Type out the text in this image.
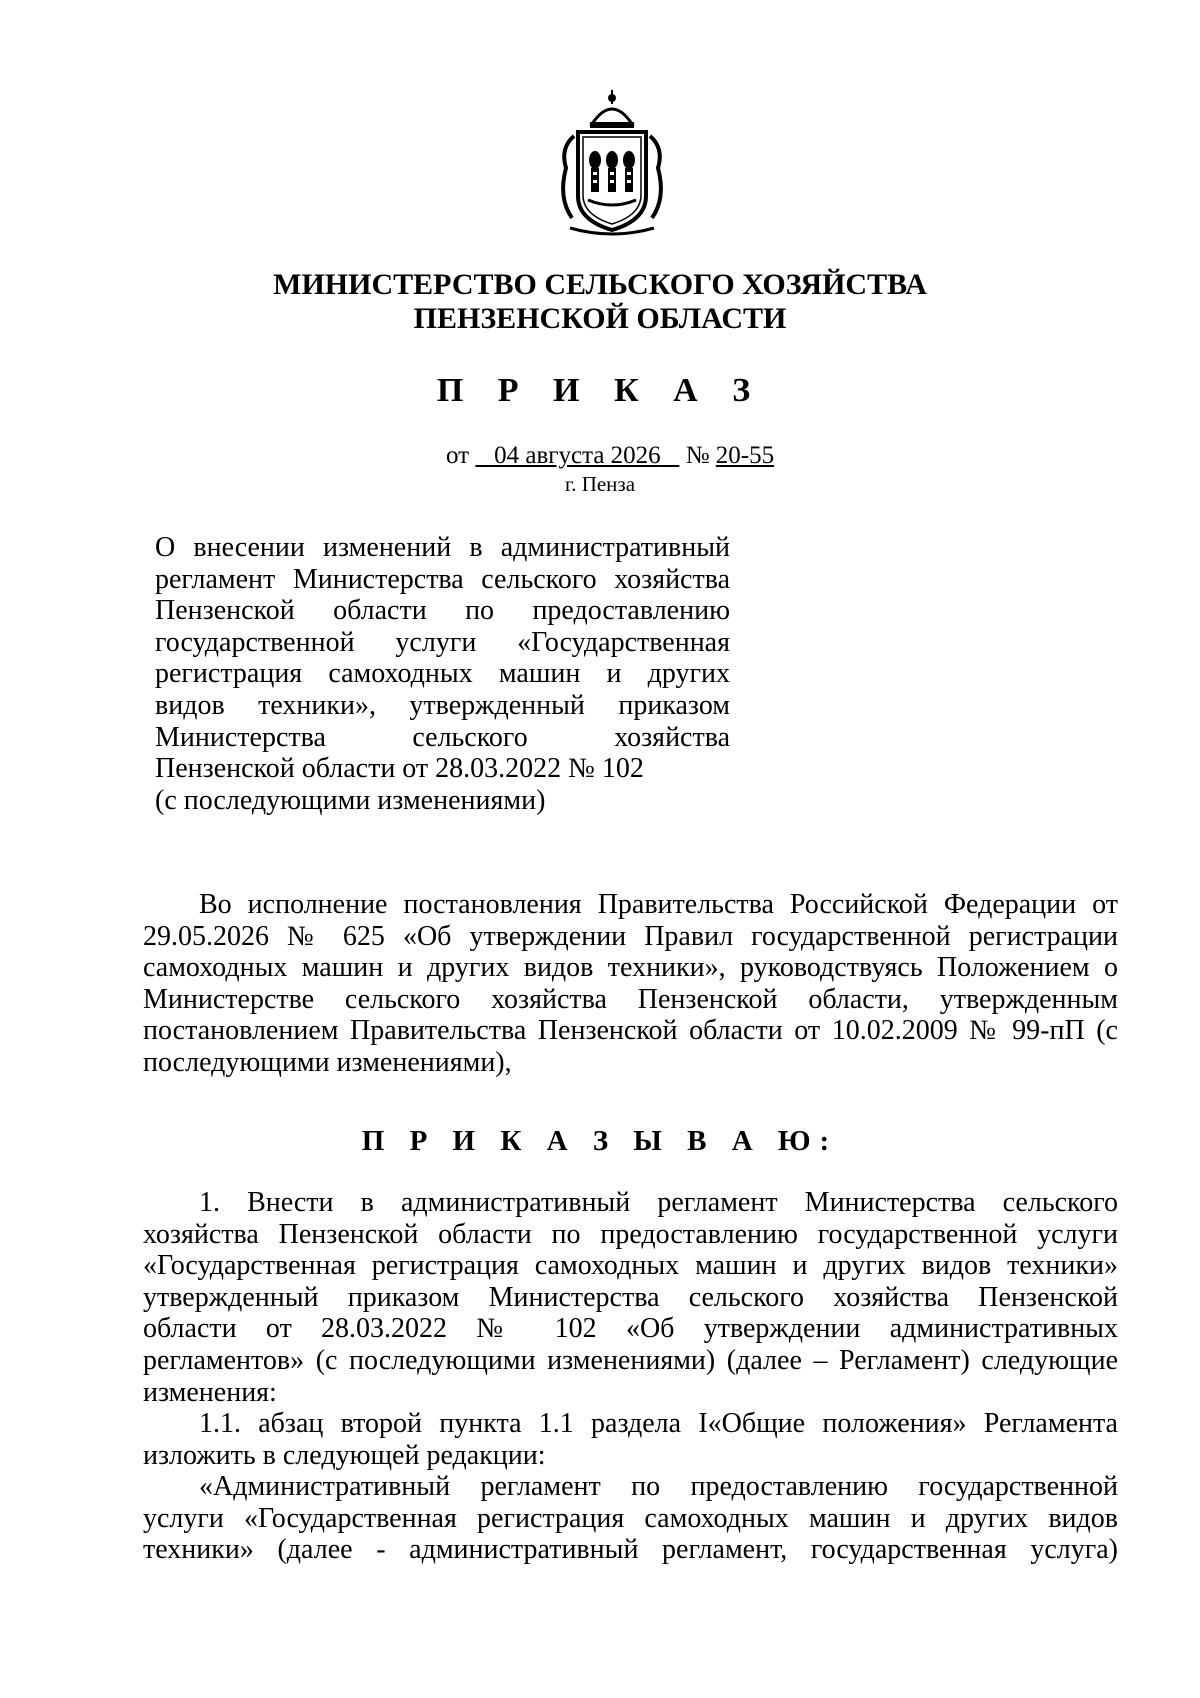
МИНИСТЕРСТВО СЕЛЬСКОГО ХОЗЯЙСТВА
ПЕНЗЕНСКОЙ ОБЛАСТИ
П Р И К А З
от 04 августа 2026 № 20-55
г. Пенза
О внесении изменений в административный
регламент Министерства сельского хозяйства
Пензенской области по предоставлению
государственной услуги «Государственная
регистрация самоходных машин и других
видов техники», утвержденный приказом
Министерства сельского хозяйства
Пензенской области от 28.03.2022 № 102
(с последующими изменениями)
Во исполнение постановления Правительства Российской Федерации от
29.05.2026 № 625 «Об утверждении Правил государственной регистрации
самоходных машин и других видов техники», руководствуясь Положением о
Министерстве сельского хозяйства Пензенской области, утвержденным
постановлением Правительства Пензенской области от 10.02.2009 № 99-пП (с
последующими изменениями),
П Р И К А З Ы В А Ю:
1. Внести в административный регламент Министерства сельского
хозяйства Пензенской области по предоставлению государственной услуги
«Государственная регистрация самоходных машин и других видов техники»
утвержденный приказом Министерства сельского хозяйства Пензенской
области от 28.03.2022 № 102 «Об утверждении административных
регламентов» (с последующими изменениями) (далее – Регламент) следующие
изменения:
1.1. абзац второй пункта 1.1 раздела I«Общие положения» Регламента
изложить в следующей редакции:
«Административный регламент по предоставлению государственной
услуги «Государственная регистрация самоходных машин и других видов
техники» (далее - административный регламент, государственная услуга)
